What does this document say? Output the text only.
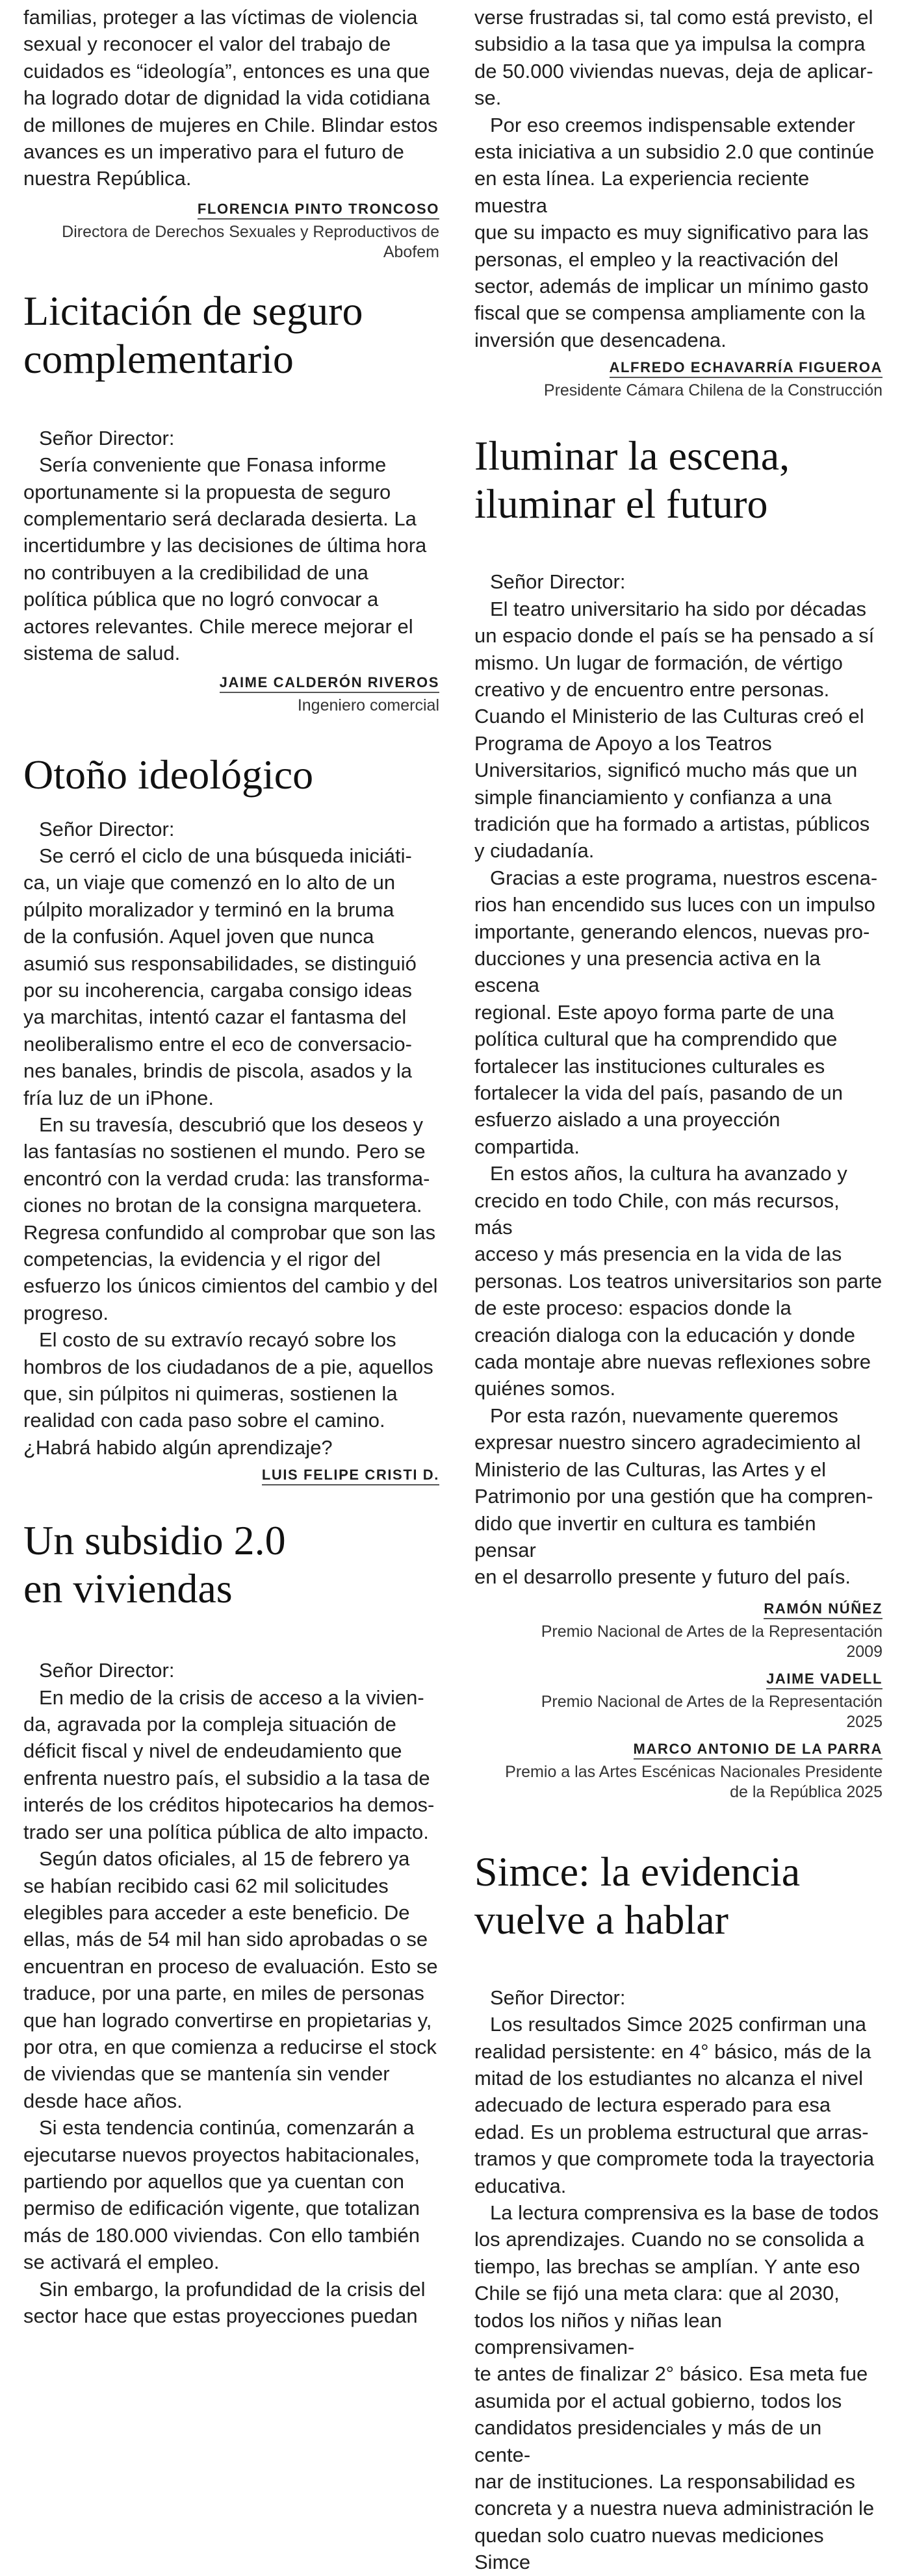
familias, proteger a las víctimas de violencia
sexual y reconocer el valor del trabajo de
cuidados es “ideología”, entonces es una que
ha logrado dotar de dignidad la vida cotidiana
de millones de mujeres en Chile. Blindar estos
avances es un imperativo para el futuro de
nuestra República.

FLORENCIA PINTO TRONCOSO
Directora de Derechos Sexuales y Reproductivos de
Abofem
Licitación de seguro
complementario
Señor Director:

Sería conveniente que Fonasa informe
oportunamente si la propuesta de seguro
complementario será declarada desierta. La
incertidumbre y las decisiones de última hora
no contribuyen a la credibilidad de una
política pública que no logró convocar a
actores relevantes. Chile merece mejorar el
sistema de salud.

JAIME CALDERÓN RIVEROS
Ingeniero comercial
Otoño ideológico
Señor Director:

Se cerró el ciclo de una búsqueda iniciáti-
ca, un viaje que comenzó en lo alto de un
púlpito moralizador y terminó en la bruma
de la confusión. Aquel joven que nunca
asumió sus responsabilidades, se distinguió
por su incoherencia, cargaba consigo ideas
ya marchitas, intentó cazar el fantasma del
neoliberalismo entre el eco de conversacio-
nes banales, brindis de piscola, asados y la
fría luz de un iPhone.

En su travesía, descubrió que los deseos y
las fantasías no sostienen el mundo. Pero se
encontró con la verdad cruda: las transforma-
ciones no brotan de la consigna marquetera.
Regresa confundido al comprobar que son las
competencias, la evidencia y el rigor del
esfuerzo los únicos cimientos del cambio y del
progreso.

El costo de su extravío recayó sobre los
hombros de los ciudadanos de a pie, aquellos
que, sin púlpitos ni quimeras, sostienen la
realidad con cada paso sobre el camino.
¿Habrá habido algún aprendizaje?

LUIS FELIPE CRISTI D.
Un subsidio 2.0
en viviendas
Señor Director:

En medio de la crisis de acceso a la vivien-
da, agravada por la compleja situación de
déficit fiscal y nivel de endeudamiento que
enfrenta nuestro país, el subsidio a la tasa de
interés de los créditos hipotecarios ha demos-
trado ser una política pública de alto impacto.

Según datos oficiales, al 15 de febrero ya
se habían recibido casi 62 mil solicitudes
elegibles para acceder a este beneficio. De
ellas, más de 54 mil han sido aprobadas o se
encuentran en proceso de evaluación. Esto se
traduce, por una parte, en miles de personas
que han logrado convertirse en propietarias y,
por otra, en que comienza a reducirse el stock
de viviendas que se mantenía sin vender
desde hace años.

Si esta tendencia continúa, comenzarán a
ejecutarse nuevos proyectos habitacionales,
partiendo por aquellos que ya cuentan con
permiso de edificación vigente, que totalizan
más de 180.000 viviendas. Con ello también
se activará el empleo.

Sin embargo, la profundidad de la crisis del
sector hace que estas proyecciones puedan

verse frustradas si, tal como está previsto, el
subsidio a la tasa que ya impulsa la compra
de 50.000 viviendas nuevas, deja de aplicar-
se.

Por eso creemos indispensable extender
esta iniciativa a un subsidio 2.0 que continúe
en esta línea. La experiencia reciente muestra
que su impacto es muy significativo para las
personas, el empleo y la reactivación del
sector, además de implicar un mínimo gasto
fiscal que se compensa ampliamente con la
inversión que desencadena.

ALFREDO ECHAVARRÍA FIGUEROA
Presidente Cámara Chilena de la Construcción
Iluminar la escena,
iluminar el futuro
Señor Director:

El teatro universitario ha sido por décadas
un espacio donde el país se ha pensado a sí
mismo. Un lugar de formación, de vértigo
creativo y de encuentro entre personas.
Cuando el Ministerio de las Culturas creó el
Programa de Apoyo a los Teatros
Universitarios, significó mucho más que un
simple financiamiento y confianza a una
tradición que ha formado a artistas, públicos
y ciudadanía.

Gracias a este programa, nuestros escena-
rios han encendido sus luces con un impulso
importante, generando elencos, nuevas pro-
ducciones y una presencia activa en la escena
regional. Este apoyo forma parte de una
política cultural que ha comprendido que
fortalecer las instituciones culturales es
fortalecer la vida del país, pasando de un
esfuerzo aislado a una proyección compartida.

En estos años, la cultura ha avanzado y
crecido en todo Chile, con más recursos, más
acceso y más presencia en la vida de las
personas. Los teatros universitarios son parte
de este proceso: espacios donde la
creación dialoga con la educación y donde
cada montaje abre nuevas reflexiones sobre
quiénes somos.

Por esta razón, nuevamente queremos
expresar nuestro sincero agradecimiento al
Ministerio de las Culturas, las Artes y el
Patrimonio por una gestión que ha compren-
dido que invertir en cultura es también pensar
en el desarrollo presente y futuro del país.

RAMÓN NÚÑEZ
Premio Nacional de Artes de la Representación
2009
JAIME VADELL
Premio Nacional de Artes de la Representación
2025
MARCO ANTONIO DE LA PARRA
Premio a las Artes Escénicas Nacionales Presidente
de la República 2025
Simce: la evidencia
vuelve a hablar
Señor Director:

Los resultados Simce 2025 confirman una
realidad persistente: en 4° básico, más de la
mitad de los estudiantes no alcanza el nivel
adecuado de lectura esperado para esa
edad. Es un problema estructural que arras-
tramos y que compromete toda la trayectoria
educativa.

La lectura comprensiva es la base de todos
los aprendizajes. Cuando no se consolida a
tiempo, las brechas se amplían. Y ante eso
Chile se fijó una meta clara: que al 2030,
todos los niños y niñas lean comprensivamen-
te antes de finalizar 2° básico. Esa meta fue
asumida por el actual gobierno, todos los
candidatos presidenciales y más de un cente-
nar de instituciones. La responsabilidad es
concreta y a nuestra nueva administración le
quedan solo cuatro nuevas mediciones Simce
